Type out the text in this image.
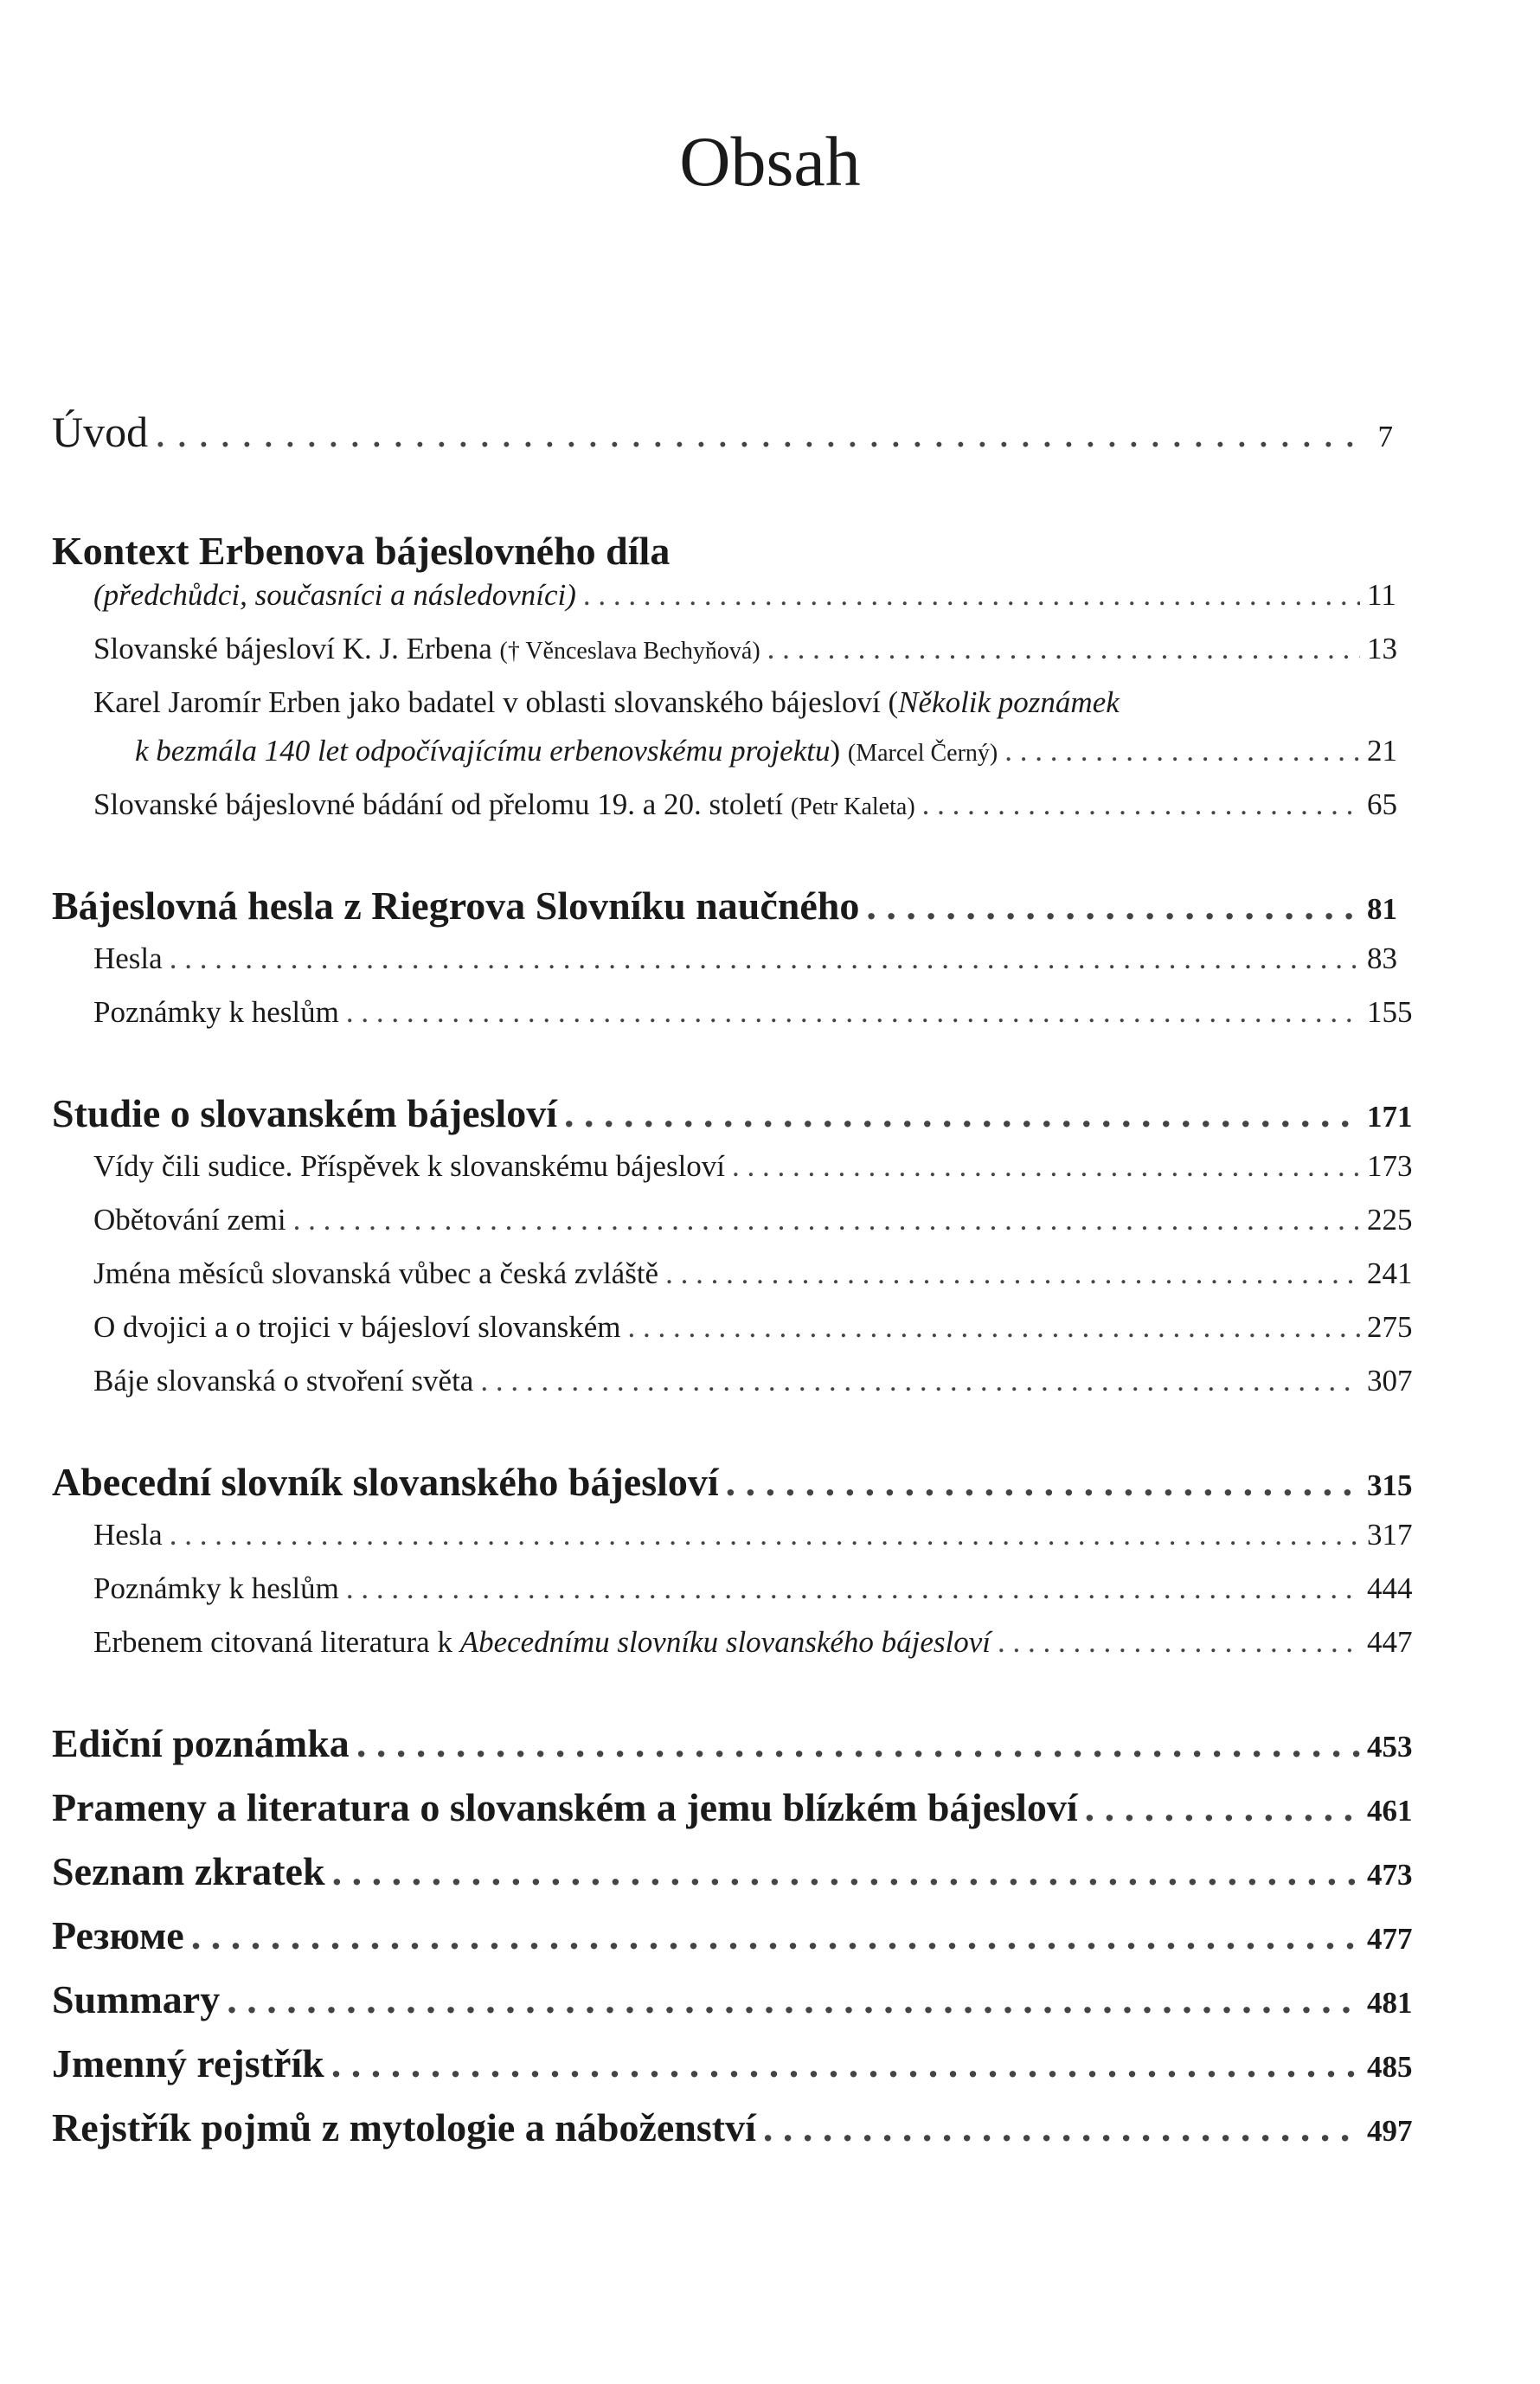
Obsah
Úvod . . .	7
Kontext Erbenova bájeslovného díla
(předchůdci, současníci a následovníci) . . .	11
Slovanské bájesloví K. J. Erbena († Věnceslava Bechyňová) . . .	13
Karel Jaromír Erben jako badatel v oblasti slovanského bájesloví (Několik poznámek
k bezmála 140 let odpočívajícímu erbenovskému projektu) (Marcel Černý) . . .	21
Slovanské bájeslovné bádání od přelomu 19. a 20. století (Petr Kaleta) . . .	65
Bájeslovná hesla z Riegrova Slovníku naučného . . .	81
Hesla . . .	83
Poznámky k heslům . . .	155
Studie o slovanském bájesloví . . .	171
Vídy čili sudice. Příspěvek k slovanskému bájesloví . . .	173
Obětování zemi . . .	225
Jména měsíců slovanská vůbec a česká zvláště . . .	241
O dvojici a o trojici v bájesloví slovanském . . .	275
Báje slovanská o stvoření světa . . .	307
Abecední slovník slovanského bájesloví . . .	315
Hesla . . .	317
Poznámky k heslům . . .	444
Erbenem citovaná literatura k Abecednímu slovníku slovanského bájesloví . . .	447
Ediční poznámka . . .	453
Prameny a literatura o slovanském a jemu blízkém bájesloví . . .	461
Seznam zkratek . . .	473
Резюме . . .	477
Summary . . .	481
Jmenný rejstřík . . .	485
Rejstřík pojmů z mytologie a náboženství . . .	497
